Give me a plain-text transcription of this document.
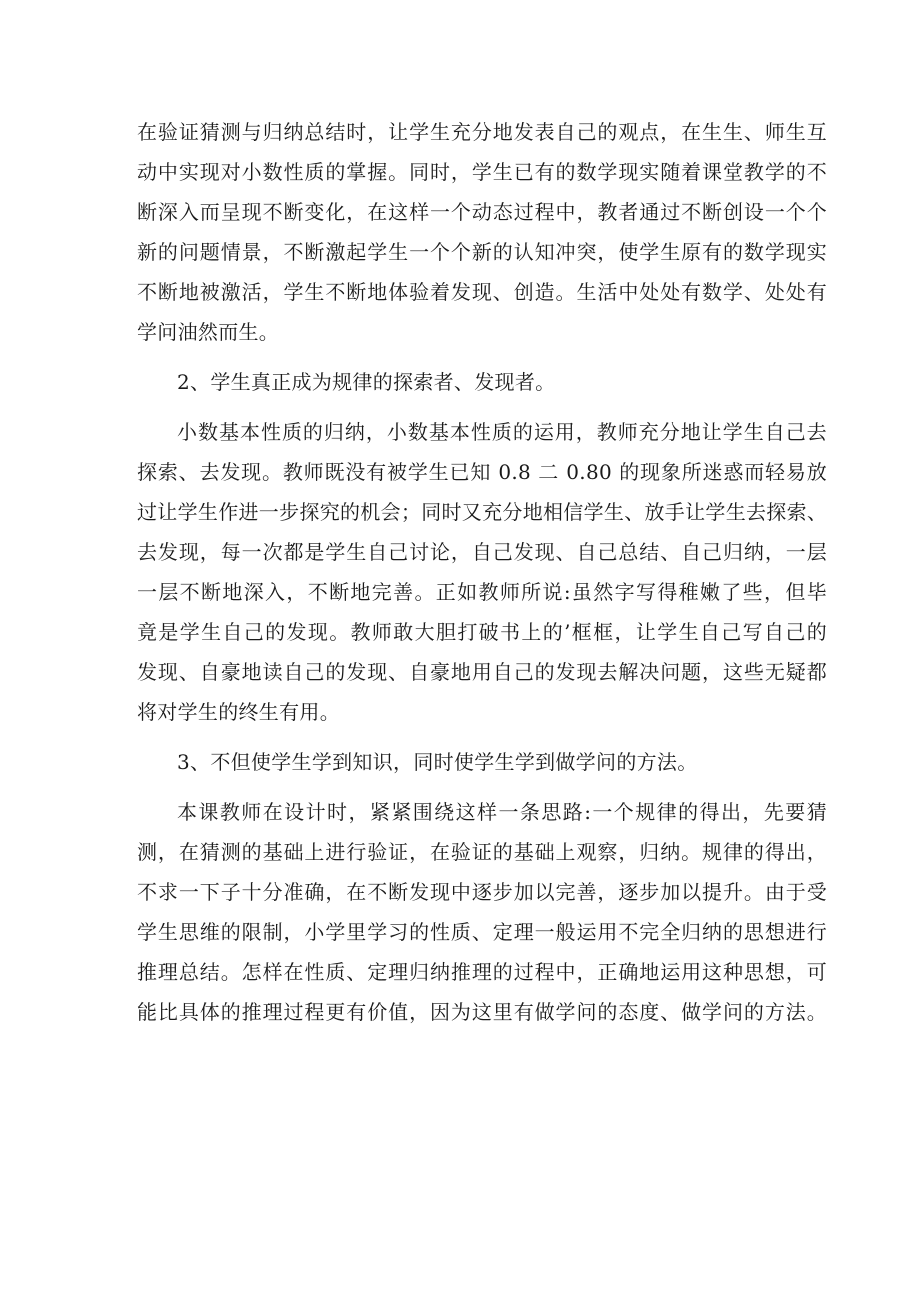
在验证猜测与归纳总结时，让学生充分地发表自己的观点，在生生、师生互
动中实现对小数性质的掌握。同时，学生已有的数学现实随着课堂教学的不
断深入而呈现不断变化，在这样一个动态过程中，教者通过不断创设一个个
新的问题情景，不断激起学生一个个新的认知冲突，使学生原有的数学现实
不断地被激活，学生不断地体验着发现、创造。生活中处处有数学、处处有
学问油然而生。
2、学生真正成为规律的探索者、发现者。
小数基本性质的归纳，小数基本性质的运用，教师充分地让学生自己去
探索、去发现。教师既没有被学生已知 0.8 二 0.80 的现象所迷惑而轻易放
过让学生作进一步探究的机会；同时又充分地相信学生、放手让学生去探索、
去发现，每一次都是学生自己讨论，自己发现、自己总结、自己归纳，一层
一层不断地深入，不断地完善。正如教师所说:虽然字写得稚嫩了些，但毕
竟是学生自己的发现。教师敢大胆打破书上的’框框，让学生自己写自己的
发现、自豪地读自己的发现、自豪地用自己的发现去解决问题，这些无疑都
将对学生的终生有用。
3、不但使学生学到知识，同时使学生学到做学问的方法。
本课教师在设计时，紧紧围绕这样一条思路:一个规律的得出，先要猜
测，在猜测的基础上进行验证，在验证的基础上观察，归纳。规律的得出，
不求一下子十分准确，在不断发现中逐步加以完善，逐步加以提升。由于受
学生思维的限制，小学里学习的性质、定理一般运用不完全归纳的思想进行
推理总结。怎样在性质、定理归纳推理的过程中，正确地运用这种思想，可
能比具体的推理过程更有价值，因为这里有做学问的态度、做学问的方法。
